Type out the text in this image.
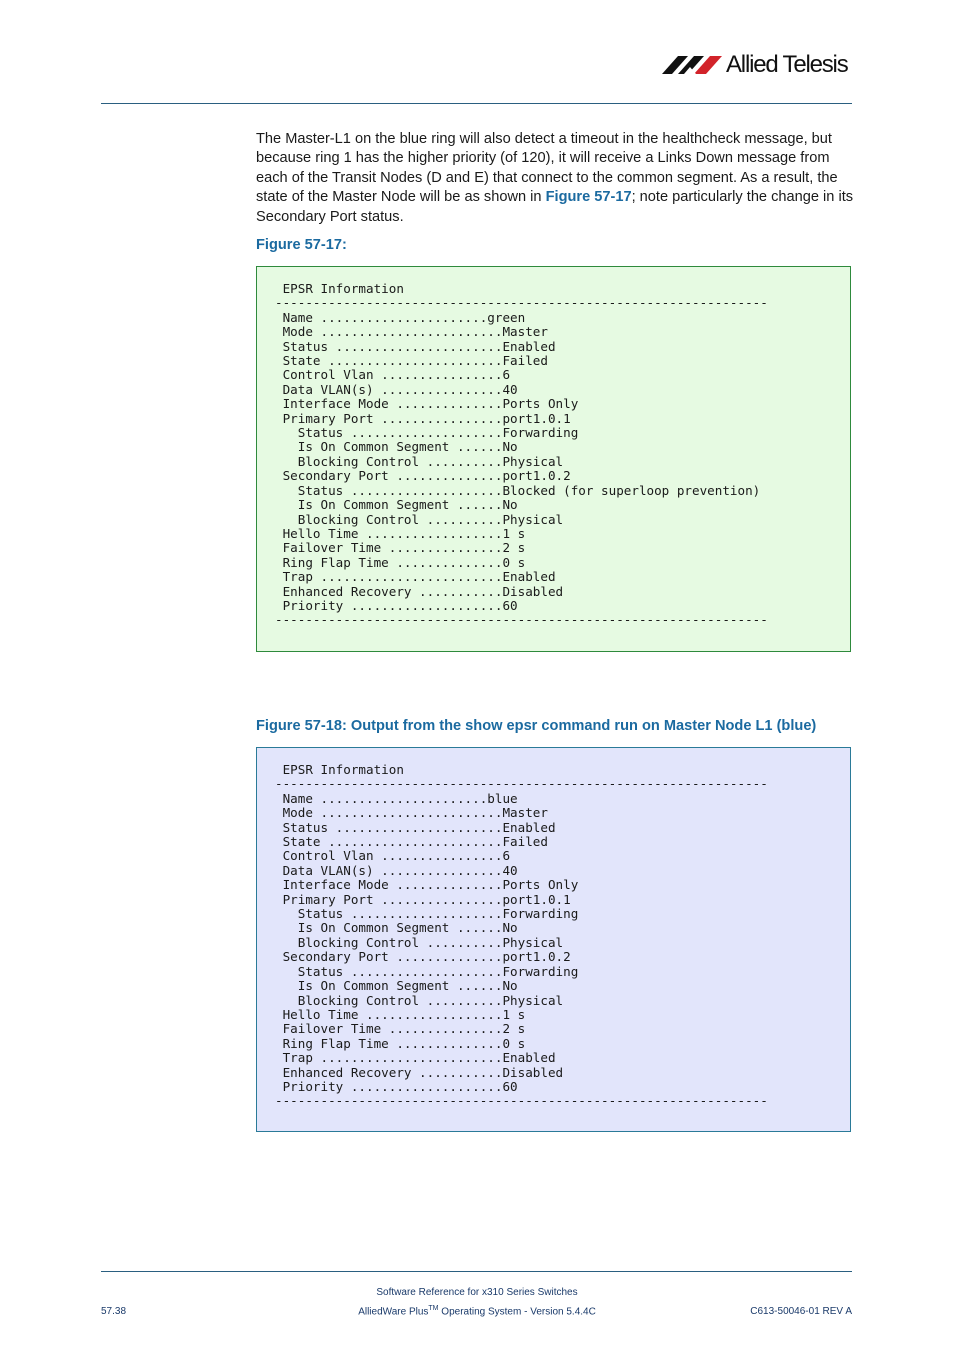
Allied Telesis

The Master-L1 on the blue ring will also detect a timeout in the healthcheck message, but because ring 1 has the higher priority (of 120), it will receive a Links Down message from each of the Transit Nodes (D and E) that connect to the common segment. As a result, the state of the Master Node will be as shown in Figure 57-17; note particularly the change in its Secondary Port status.

Figure 57-17:
EPSR Information
-----------------------------------------------------------------
Name ......................green
Mode ........................Master
Status ......................Enabled
State .......................Failed
Control Vlan ................6
Data VLAN(s) ................40
Interface Mode ..............Ports Only
Primary Port ................port1.0.1
Status ....................Forwarding
Is On Common Segment ......No
Blocking Control ..........Physical
Secondary Port ..............port1.0.2
Status ....................Blocked (for superloop prevention)
Is On Common Segment ......No
Blocking Control ..........Physical
Hello Time ..................1 s
Failover Time ...............2 s
Ring Flap Time ..............0 s
Trap ........................Enabled
Enhanced Recovery ...........Disabled
Priority ....................60
-----------------------------------------------------------------
Figure 57-18: Output from the show epsr command run on Master Node L1 (blue)
EPSR Information
-----------------------------------------------------------------
Name ......................blue
Mode ........................Master
Status ......................Enabled
State .......................Failed
Control Vlan ................6
Data VLAN(s) ................40
Interface Mode ..............Ports Only
Primary Port ................port1.0.1
Status ....................Forwarding
Is On Common Segment ......No
Blocking Control ..........Physical
Secondary Port ..............port1.0.2
Status ....................Forwarding
Is On Common Segment ......No
Blocking Control ..........Physical
Hello Time ..................1 s
Failover Time ...............2 s
Ring Flap Time ..............0 s
Trap ........................Enabled
Enhanced Recovery ...........Disabled
Priority ....................60
-----------------------------------------------------------------
Software Reference for x310 Series Switches
AlliedWare Plus™ Operating System - Version 5.4.4C
57.38	C613-50046-01 REV A
